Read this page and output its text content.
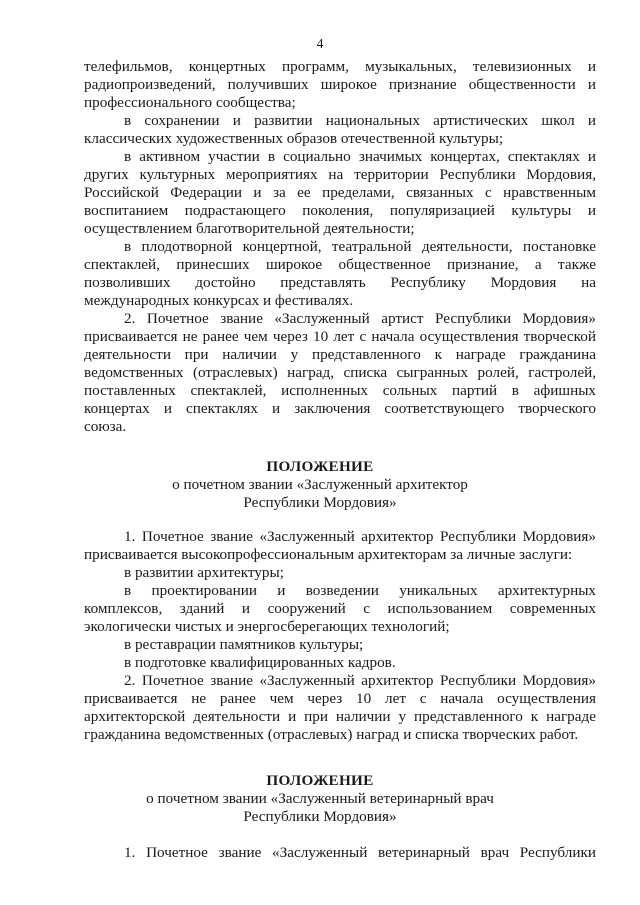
4

телефильмов, концертных программ, музыкальных, телевизионных и

радиопроизведений, получивших широкое признание общественности и

профессионального сообщества;

в сохранении и развитии национальных артистических школ и

классических художественных образов отечественной культуры;

в активном участии в социально значимых концертах, спектаклях и

других культурных мероприятиях на территории Республики Мордовия,

Российской Федерации и за ее пределами, связанных с нравственным

воспитанием подрастающего поколения, популяризацией культуры и

осуществлением благотворительной деятельности;

в плодотворной концертной, театральной деятельности, постановке

спектаклей, принесших широкое общественное признание, а также

позволивших достойно представлять Республику Мордовия на

международных конкурсах и фестивалях.

2. Почетное звание «Заслуженный артист Республики Мордовия»

присваивается не ранее чем через 10 лет с начала осуществления творческой

деятельности при наличии у представленного к награде гражданина

ведомственных (отраслевых) наград, списка сыгранных ролей, гастролей,

поставленных спектаклей, исполненных сольных партий в афишных

концертах и спектаклях и заключения соответствующего творческого

союза.

ПОЛОЖЕНИЕ

о почетном звании «Заслуженный архитектор

Республики Мордовия»

1. Почетное звание «Заслуженный архитектор Республики Мордовия»

присваивается высокопрофессиональным архитекторам за личные заслуги:

в развитии архитектуры;

в проектировании и возведении уникальных архитектурных

комплексов, зданий и сооружений с использованием современных

экологически чистых и энергосберегающих технологий;

в реставрации памятников культуры;

в подготовке квалифицированных кадров.

2. Почетное звание «Заслуженный архитектор Республики Мордовия»

присваивается не ранее чем через 10 лет с начала осуществления

архитекторской деятельности и при наличии у представленного к награде

гражданина ведомственных (отраслевых) наград и списка творческих работ.

ПОЛОЖЕНИЕ

о почетном звании «Заслуженный ветеринарный врач

Республики Мордовия»

1. Почетное звание «Заслуженный ветеринарный врач Республики
